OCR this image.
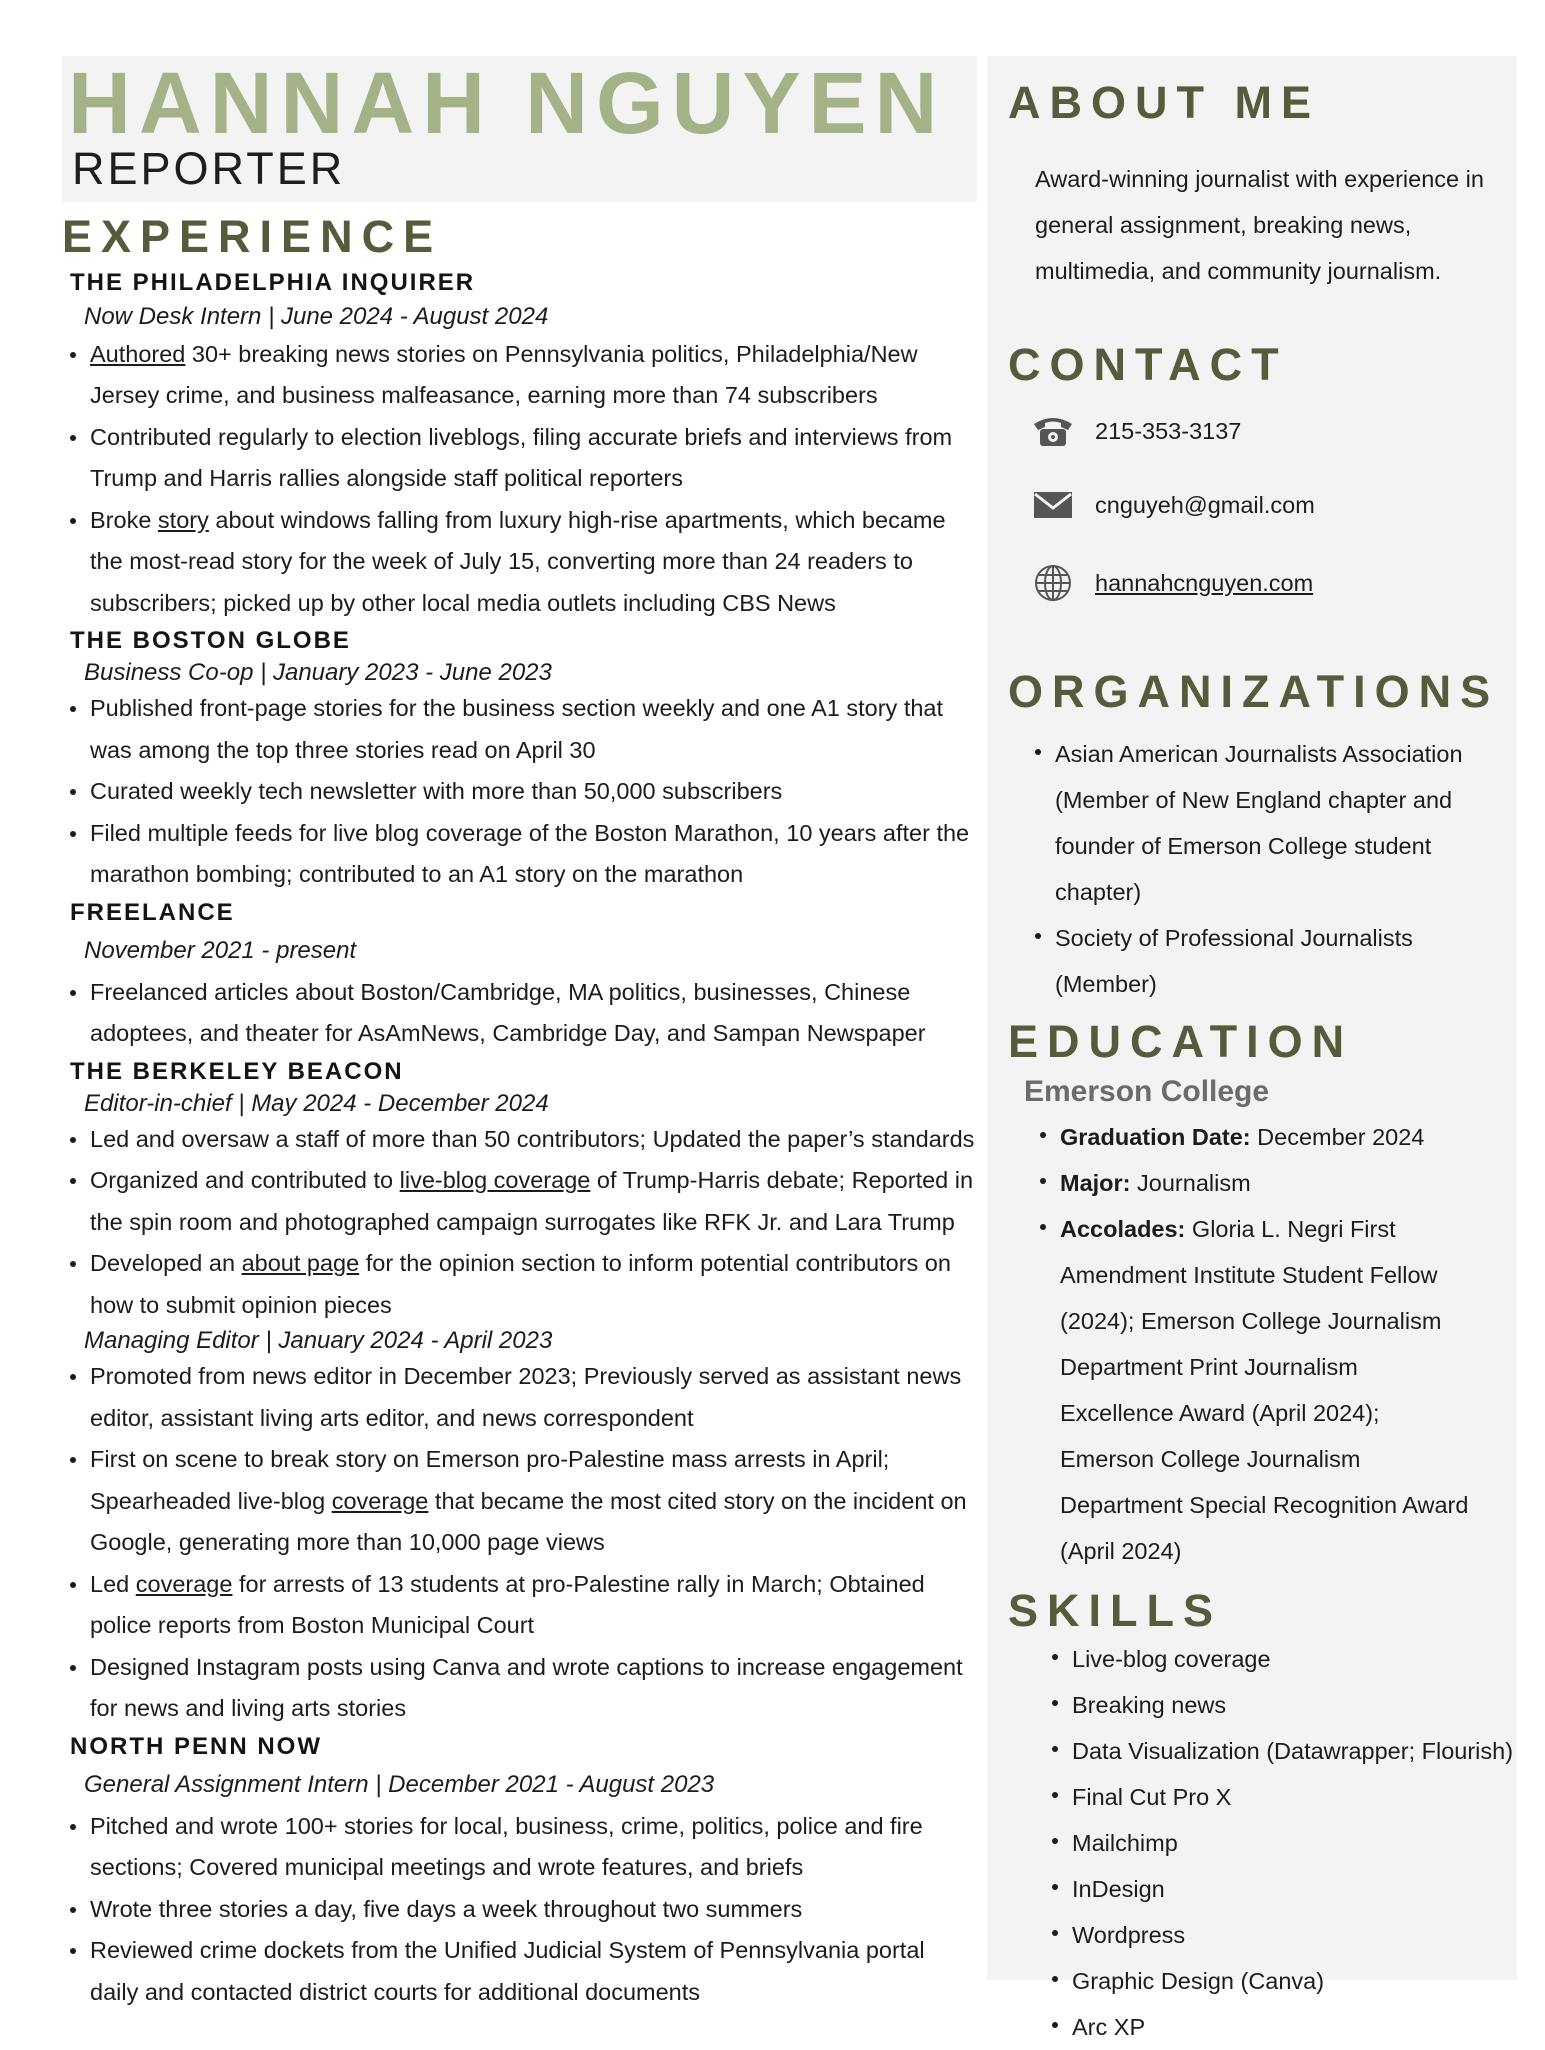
HANNAH NGUYEN
REPORTER
EXPERIENCE
THE PHILADELPHIA INQUIRER
Now Desk Intern | June 2024 - August 2024
Authored 30+ breaking news stories on Pennsylvania politics, Philadelphia/New Jersey crime, and business malfeasance, earning more than 74 subscribers
Contributed regularly to election liveblogs, filing accurate briefs and interviews from Trump and Harris rallies alongside staff political reporters
Broke story about windows falling from luxury high-rise apartments, which became the most-read story for the week of July 15, converting more than 24 readers to subscribers; picked up by other local media outlets including CBS News
THE BOSTON GLOBE
Business Co-op | January 2023 - June 2023
Published front-page stories for the business section weekly and one A1 story that was among the top three stories read on April 30
Curated weekly tech newsletter with more than 50,000 subscribers
Filed multiple feeds for live blog coverage of the Boston Marathon, 10 years after the marathon bombing; contributed to an A1 story on the marathon
FREELANCE
November 2021 - present
Freelanced articles about Boston/Cambridge, MA politics, businesses, Chinese adoptees, and theater for AsAmNews, Cambridge Day, and Sampan Newspaper
THE BERKELEY BEACON
Editor-in-chief | May 2024 - December 2024
Led and oversaw a staff of more than 50 contributors; Updated the paper’s standards
Organized and contributed to live-blog coverage of Trump-Harris debate; Reported in the spin room and photographed campaign surrogates like RFK Jr. and Lara Trump
Developed an about page for the opinion section to inform potential contributors on how to submit opinion pieces
Managing Editor | January 2024 - April 2023
Promoted from news editor in December 2023; Previously served as assistant news editor, assistant living arts editor, and news correspondent
First on scene to break story on Emerson pro-Palestine mass arrests in April; Spearheaded live-blog coverage that became the most cited story on the incident on Google, generating more than 10,000 page views
Led coverage for arrests of 13 students at pro-Palestine rally in March; Obtained police reports from Boston Municipal Court
Designed Instagram posts using Canva and wrote captions to increase engagement for news and living arts stories
NORTH PENN NOW
General Assignment Intern | December 2021 - August 2023
Pitched and wrote 100+ stories for local, business, crime, politics, police and fire sections; Covered municipal meetings and wrote features, and briefs
Wrote three stories a day, five days a week throughout two summers
Reviewed crime dockets from the Unified Judicial System of Pennsylvania portal daily and contacted district courts for additional documents
ABOUT ME
Award-winning journalist with experience in general assignment, breaking news, multimedia, and community journalism.
CONTACT
215-353-3137
cnguyeh@gmail.com
hannahcnguyen.com
ORGANIZATIONS
Asian American Journalists Association (Member of New England chapter and founder of Emerson College student chapter)
Society of Professional Journalists (Member)
EDUCATION
Emerson College
Graduation Date: December 2024
Major: Journalism
Accolades: Gloria L. Negri First Amendment Institute Student Fellow (2024); Emerson College Journalism Department Print Journalism Excellence Award (April 2024); Emerson College Journalism Department Special Recognition Award (April 2024)
SKILLS
Live-blog coverage
Breaking news
Data Visualization (Datawrapper; Flourish)
Final Cut Pro X
Mailchimp
InDesign
Wordpress
Graphic Design (Canva)
Arc XP
